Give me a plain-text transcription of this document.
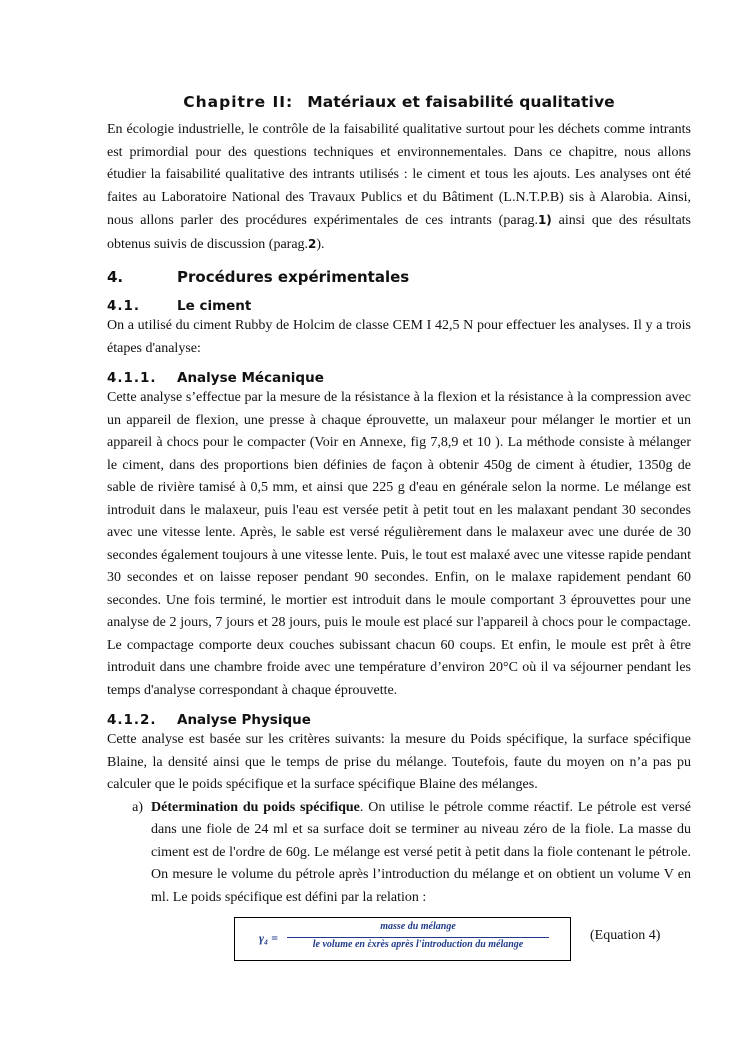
Chapitre II: Matériaux et faisabilité qualitative

En écologie industrielle, le contrôle de la faisabilité qualitative surtout pour les déchets comme intrants est primordial pour des questions techniques et environnementales. Dans ce chapitre, nous allons étudier la faisabilité qualitative des intrants utilisés : le ciment et tous les ajouts. Les analyses ont été faites au Laboratoire National des Travaux Publics et du Bâtiment (L.N.T.P.B) sis à Alarobia. Ainsi, nous allons parler des procédures expérimentales de ces intrants (parag.1) ainsi que des résultats obtenus suivis de discussion (parag.2).

4.	Procédures expérimentales
4.1.	Le ciment

On a utilisé du ciment Rubby de Holcim de classe CEM I 42,5 N pour effectuer les analyses. Il y a trois étapes d'analyse:

4.1.1.	Analyse Mécanique

Cette analyse s’effectue par la mesure de la résistance à la flexion et la résistance à la compression avec un appareil de flexion, une presse à chaque éprouvette, un malaxeur pour mélanger le mortier et un appareil à chocs pour le compacter (Voir en Annexe, fig 7,8,9 et 10 ). La méthode consiste à mélanger le ciment, dans des proportions bien définies de façon à obtenir 450g de ciment à étudier, 1350g de sable de rivière tamisé à 0,5 mm, et ainsi que 225 g d'eau en générale selon la norme. Le mélange est introduit dans le malaxeur, puis l'eau est versée petit à petit tout en les malaxant pendant 30 secondes avec une vitesse lente. Après, le sable est versé régulièrement dans le malaxeur avec une durée de 30 secondes également toujours à une vitesse lente. Puis, le tout est malaxé avec une vitesse rapide pendant 30 secondes et on laisse reposer pendant 90 secondes. Enfin, on le malaxe rapidement pendant 60 secondes. Une fois terminé, le mortier est introduit dans le moule comportant 3 éprouvettes pour une analyse de 2 jours, 7 jours et 28 jours, puis le moule est placé sur l'appareil à chocs pour le compactage. Le compactage comporte deux couches subissant chacun 60 coups. Et enfin, le moule est prêt à être introduit dans une chambre froide avec une température d’environ 20°C où il va séjourner pendant les temps d'analyse correspondant à chaque éprouvette.

4.1.2.	Analyse Physique

Cette analyse est basée sur les critères suivants: la mesure du Poids spécifique, la surface spécifique Blaine, la densité ainsi que le temps de prise du mélange. Toutefois, faute du moyen on n’a pas pu calculer que le poids spécifique et la surface spécifique Blaine des mélanges.

a) Détermination du poids spécifique. On utilise le pétrole comme réactif. Le pétrole est versé dans une fiole de 24 ml et sa surface doit se terminer au niveau zéro de la fiole. La masse du ciment est de l'ordre de 60g. Le mélange est versé petit à petit dans la fiole contenant le pétrole. On mesure le volume du pétrole après l’introduction du mélange et on obtient un volume V en ml. Le poids spécifique est défini par la relation :
γ₄ =
masse du mélange
le volume en ὲxrès après l'introduction du mélange
(Equation 4)
